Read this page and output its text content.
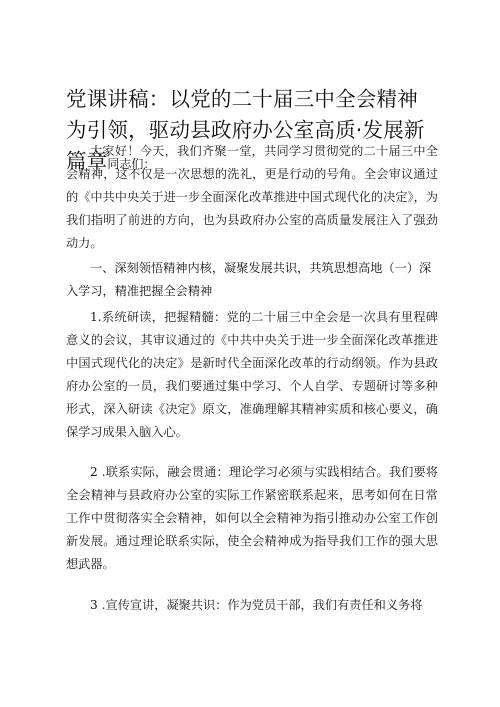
党课讲稿：以党的二十届三中全会精神为引领，驱动县政府办公室高质·发展新篇章同志们：

大家好！今天，我们齐聚一堂，共同学习贯彻党的二十届三中全会精神，这不仅是一次思想的洗礼，更是行动的号角。全会审议通过的《中共中央关于进一步全面深化改革推进中国式现代化的决定》，为我们指明了前进的方向，也为县政府办公室的高质量发展注入了强劲动力。

一、深刻领悟精神内核，凝聚发展共识，共筑思想高地（一）深入学习，精准把握全会精神

1.系统研读，把握精髓：党的二十届三中全会是一次具有里程碑意义的会议，其审议通过的《中共中央关于进一步全面深化改革推进中国式现代化的决定》是新时代全面深化改革的行动纲领。作为县政府办公室的一员，我们要通过集中学习、个人自学、专题研讨等多种形式，深入研读《决定》原文，准确理解其精神实质和核心要义，确保学习成果入脑入心。

2 .联系实际，融会贯通：理论学习必须与实践相结合。我们要将全会精神与县政府办公室的实际工作紧密联系起来，思考如何在日常工作中贯彻落实全会精神，如何以全会精神为指引推动办公室工作创新发展。通过理论联系实际，使全会精神成为指导我们工作的强大思想武器。

3 .宣传宣讲，凝聚共识：作为党员干部，我们有责任和义务将
